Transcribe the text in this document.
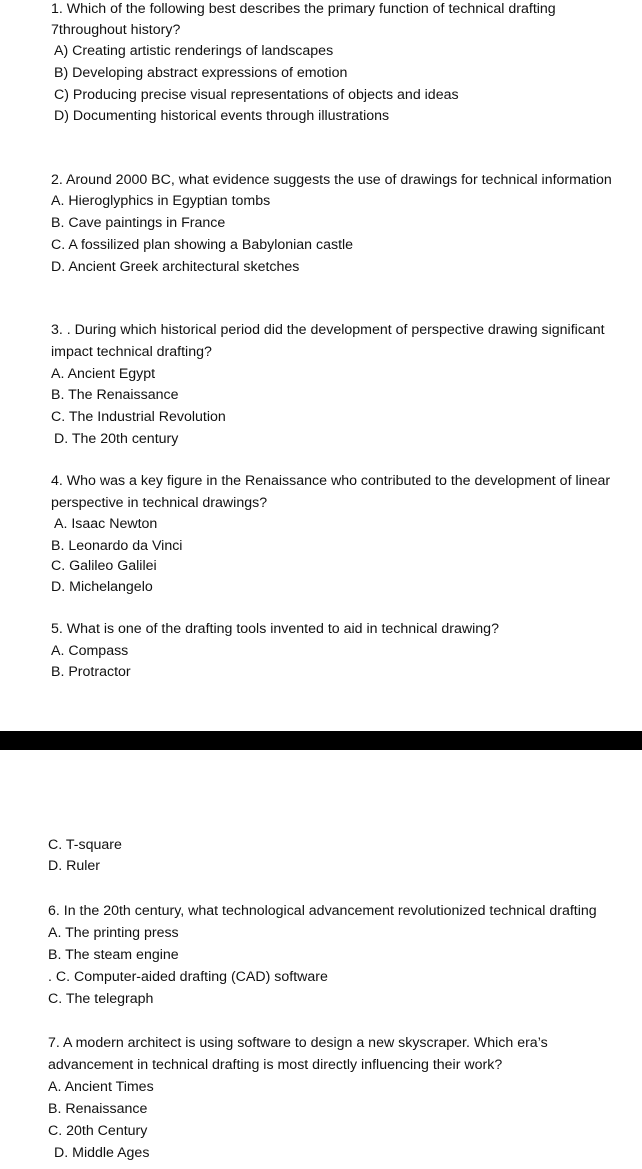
1. Which of the following best describes the primary function of technical drafting

7throughout history?

A) Creating artistic renderings of landscapes

B) Developing abstract expressions of emotion

C) Producing precise visual representations of objects and ideas

D) Documenting historical events through illustrations

2. Around 2000 BC, what evidence suggests the use of drawings for technical information

A. Hieroglyphics in Egyptian tombs

B. Cave paintings in France

C. A fossilized plan showing a Babylonian castle

D. Ancient Greek architectural sketches

3. . During which historical period did the development of perspective drawing significant

impact technical drafting?

A. Ancient Egypt

B. The Renaissance

C. The Industrial Revolution

D. The 20th century

4. Who was a key figure in the Renaissance who contributed to the development of linear

perspective in technical drawings?

A. Isaac Newton

B. Leonardo da Vinci

C. Galileo Galilei

D. Michelangelo

5. What is one of the drafting tools invented to aid in technical drawing?

A. Compass

B. Protractor

C. T-square

D. Ruler

6. In the 20th century, what technological advancement revolutionized technical drafting

A. The printing press

B. The steam engine

. C. Computer-aided drafting (CAD) software

C. The telegraph

7. A modern architect is using software to design a new skyscraper. Which era’s

advancement in technical drafting is most directly influencing their work?

A. Ancient Times

B. Renaissance

C. 20th Century

D. Middle Ages
